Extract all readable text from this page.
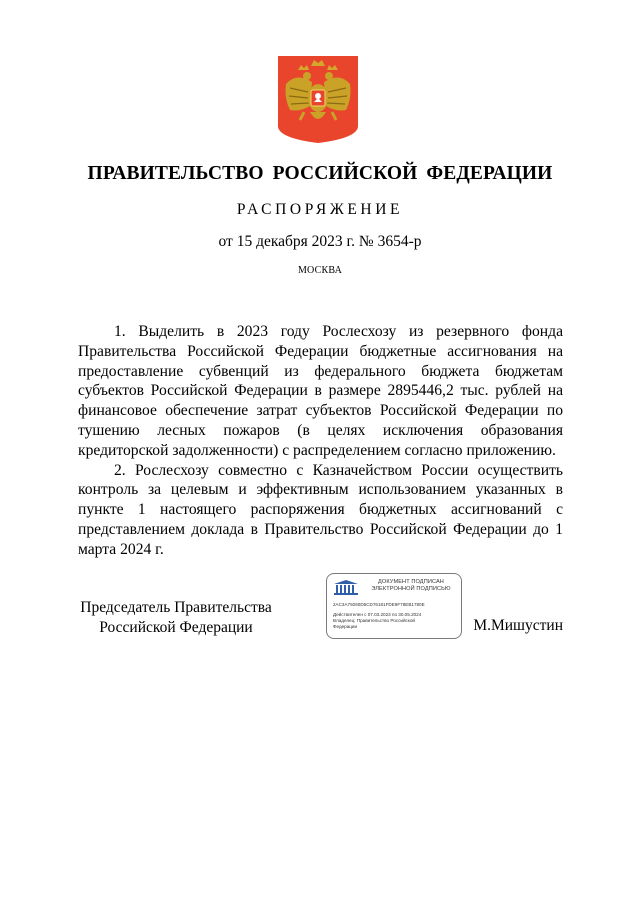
ПРАВИТЕЛЬСТВО РОССИЙСКОЙ ФЕДЕРАЦИИ
РАСПОРЯЖЕНИЕ
от 15 декабря 2023 г. № 3654-р
МОСКВА

1. Выделить в 2023 году Рослесхозу из резервного фонда Правительства Российской Федерации бюджетные ассигнования на предоставление субвенций из федерального бюджета бюджетам субъектов Российской Федерации в размере 2895446,2 тыс. рублей на финансовое обеспечение затрат субъектов Российской Федерации по тушению лесных пожаров (в целях исключения образования кредиторской задолженности) с распределением согласно приложению.

2. Рослесхозу совместно с Казначейством России осуществить контроль за целевым и эффективным использованием указанных в пункте 1 настоящего распоряжения бюджетных ассигнований с представлением доклада в Правительство Российской Федерации до 1 марта 2024 г.

Председатель Правительства
Российской Федерации
ДОКУМЕНТ ПОДПИСАН
ЭЛЕКТРОННОЙ ПОДПИСЬЮ
2AC3A79260D5CD76181FDE9F78EB1780E
Действителен с 07.03.2023 по 30.05.2024
Владелец: Правительство Российской
Федерации	М.Мишустин
